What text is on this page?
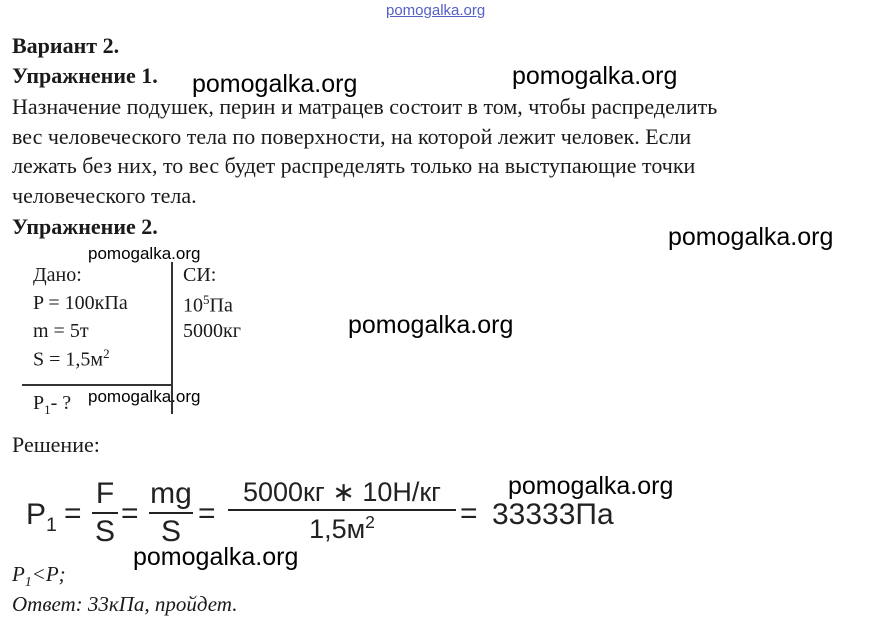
pomogalka.org
Вариант 2.
Упражнение 1.
Назначение подушек, перин и матрацев состоит в том, чтобы распределить
вес человеческого тела по поверхности, на которой лежит человек. Если
лежать без них, то вес будет распределять только на выступающие точки
человеческого тела.
Упражнение 2.
Дано:	СИ:
P = 100кПа	$10^5Па$
m = 5т	5000кг
$S = 1,5м^2$
$P_1-$ ?
Решение:
$P_1$ =
F
S
=
mg
S
=
5000кг ∗ 10Н/кг
$1,5м^2$	= 33333Па
$P_1<P$;
Ответ: 33кПа, пройдет.
pomogalka.org	pomogalka.org
pomogalka.org
pomogalka.org
pomogalka.org
pomogalka.org
pomogalka.org
pomogalka.org
